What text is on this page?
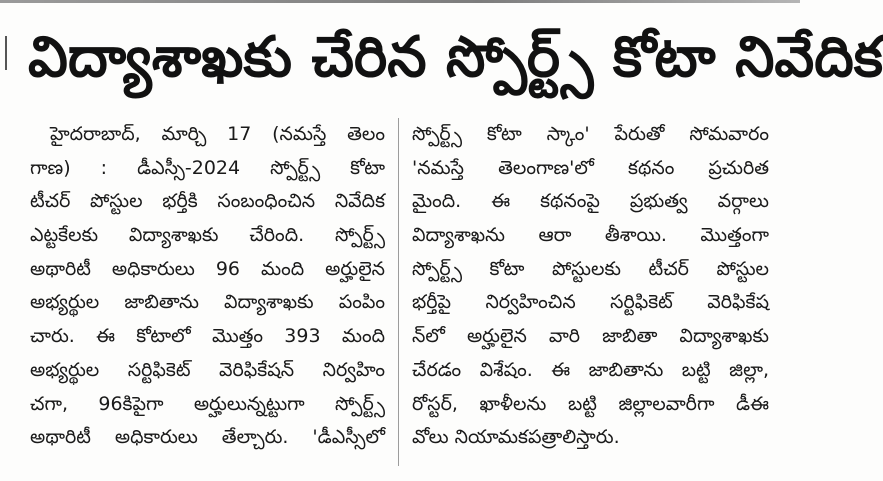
విద్యాశాఖకు చేరిన స్పోర్ట్స్ కోటా నివేదిక
హైదరాబాద్, మార్చి 17 (నమస్తే తెలం
గాణ) : డీఎస్సీ-2024 స్పోర్ట్స్ కోటా
టీచర్ పోస్టుల భర్తీకి సంబంధించిన నివేదిక
ఎట్టకేలకు విద్యాశాఖకు చేరింది. స్పోర్ట్స్
అథారిటీ అధికారులు 96 మంది అర్హులైన
అభ్యర్థుల జాబితాను విద్యాశాఖకు పంపిం
చారు. ఈ కోటాలో మొత్తం 393 మంది
అభ్యర్థుల సర్టిఫికెట్ వెరిఫికేషన్ నిర్వహిం
చగా, 96కిపైగా అర్హులున్నట్టుగా స్పోర్ట్స్
అథారిటీ అధికారులు తేల్చారు. 'డీఎస్సీలో
స్పోర్ట్స్ కోటా స్కాం' పేరుతో సోమవారం
'నమస్తే తెలంగాణ'లో కథనం ప్రచురిత
మైంది. ఈ కథనంపై ప్రభుత్వ వర్గాలు
విద్యాశాఖను ఆరా తీశాయి. మొత్తంగా
స్పోర్ట్స్ కోటా పోస్టులకు టీచర్ పోస్టుల
భర్తీపై నిర్వహించిన సర్టిఫికెట్ వెరిఫికేష
న్‌లో అర్హులైన వారి జాబితా విద్యాశాఖకు
చేరడం విశేషం. ఈ జాబితాను బట్టి జిల్లా,
రోస్టర్, ఖాళీలను బట్టి జిల్లాలవారీగా డీఈ
వోలు నియామకపత్రాలిస్తారు.
